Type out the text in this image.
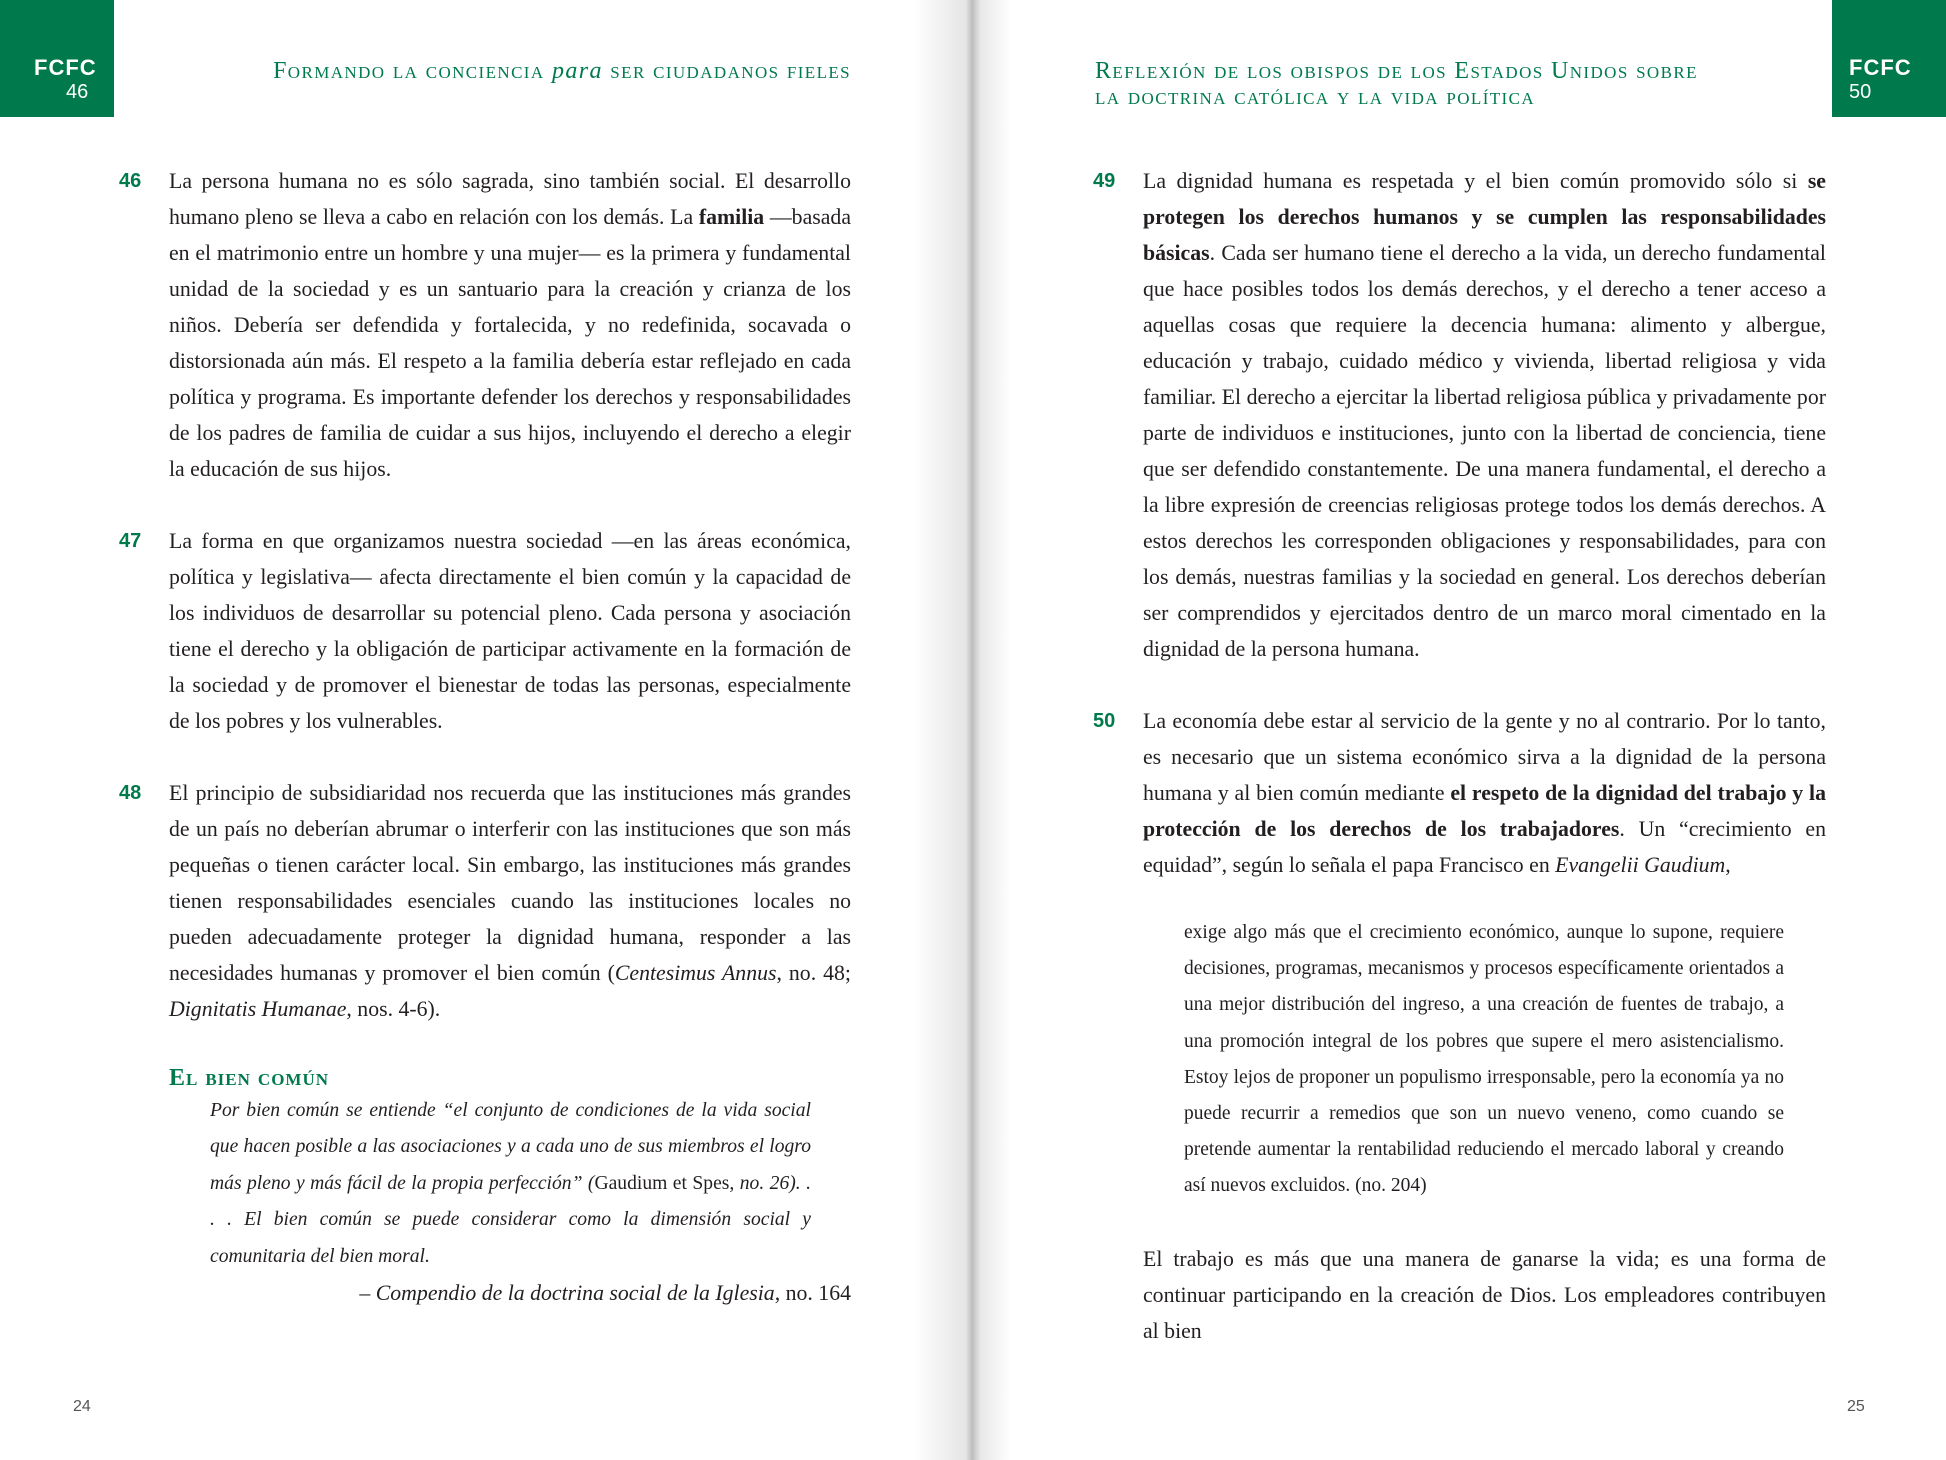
FCFC
46
Formando la conciencia para ser ciudadanos fieles
46 La persona humana no es sólo sagrada, sino también social. El desarrollo humano pleno se lleva a cabo en relación con los demás. La familia —basada en el matrimonio entre un hombre y una mujer— es la primera y fundamental unidad de la sociedad y es un santuario para la creación y crianza de los niños. Debería ser defendida y fortalecida, y no redefinida, socavada o distorsionada aún más. El respeto a la familia debería estar reflejado en cada política y programa. Es importante defender los derechos y responsabilidades de los padres de familia de cuidar a sus hijos, incluyendo el derecho a elegir la educación de sus hijos.
47 La forma en que organizamos nuestra sociedad —en las áreas económica, política y legislativa— afecta directamente el bien común y la capacidad de los individuos de desarrollar su potencial pleno. Cada persona y asociación tiene el derecho y la obligación de participar activamente en la formación de la sociedad y de promover el bienestar de todas las personas, especialmente de los pobres y los vulnerables.
48 El principio de subsidiaridad nos recuerda que las instituciones más grandes de un país no deberían abrumar o interferir con las instituciones que son más pequeñas o tienen carácter local. Sin embargo, las instituciones más grandes tienen responsabilidades esenciales cuando las instituciones locales no pueden adecuadamente proteger la dignidad humana, responder a las necesidades humanas y promover el bien común (Centesimus Annus, no. 48; Dignitatis Humanae, nos. 4-6).
El bien común
Por bien común se entiende “el conjunto de condiciones de la vida social que hacen posible a las asociaciones y a cada uno de sus miembros el logro más pleno y más fácil de la propia perfección” (Gaudium et Spes, no. 26). . . . El bien común se puede considerar como la dimensión social y comunitaria del bien moral.
– Compendio de la doctrina social de la Iglesia, no. 164
24
FCFC
50
Reflexión de los obispos de los Estados Unidos sobre
la doctrina católica y la vida política
49 La dignidad humana es respetada y el bien común promovido sólo si se protegen los derechos humanos y se cumplen las responsabilidades básicas. Cada ser humano tiene el derecho a la vida, un derecho fundamental que hace posibles todos los demás derechos, y el derecho a tener acceso a aquellas cosas que requiere la decencia humana: alimento y albergue, educación y trabajo, cuidado médico y vivienda, libertad religiosa y vida familiar. El derecho a ejercitar la libertad religiosa pública y privadamente por parte de individuos e instituciones, junto con la libertad de conciencia, tiene que ser defendido constantemente. De una manera fundamental, el derecho a la libre expresión de creencias religiosas protege todos los demás derechos. A estos derechos les corresponden obligaciones y responsabilidades, para con los demás, nuestras familias y la sociedad en general. Los derechos deberían ser comprendidos y ejercitados dentro de un marco moral cimentado en la dignidad de la persona humana.
50 La economía debe estar al servicio de la gente y no al contrario. Por lo tanto, es necesario que un sistema económico sirva a la dignidad de la persona humana y al bien común mediante el respeto de la dignidad del trabajo y la protección de los derechos de los trabajadores. Un “crecimiento en equidad”, según lo señala el papa Francisco en Evangelii Gaudium,
exige algo más que el crecimiento económico, aunque lo supone, requiere decisiones, programas, mecanismos y procesos específicamente orientados a una mejor distribución del ingreso, a una creación de fuentes de trabajo, a una promoción integral de los pobres que supere el mero asistencialismo. Estoy lejos de proponer un populismo irresponsable, pero la economía ya no puede recurrir a remedios que son un nuevo veneno, como cuando se pretende aumentar la rentabilidad reduciendo el mercado laboral y creando así nuevos excluidos. (no. 204)
El trabajo es más que una manera de ganarse la vida; es una forma de continuar participando en la creación de Dios. Los empleadores contribuyen al bien
25
